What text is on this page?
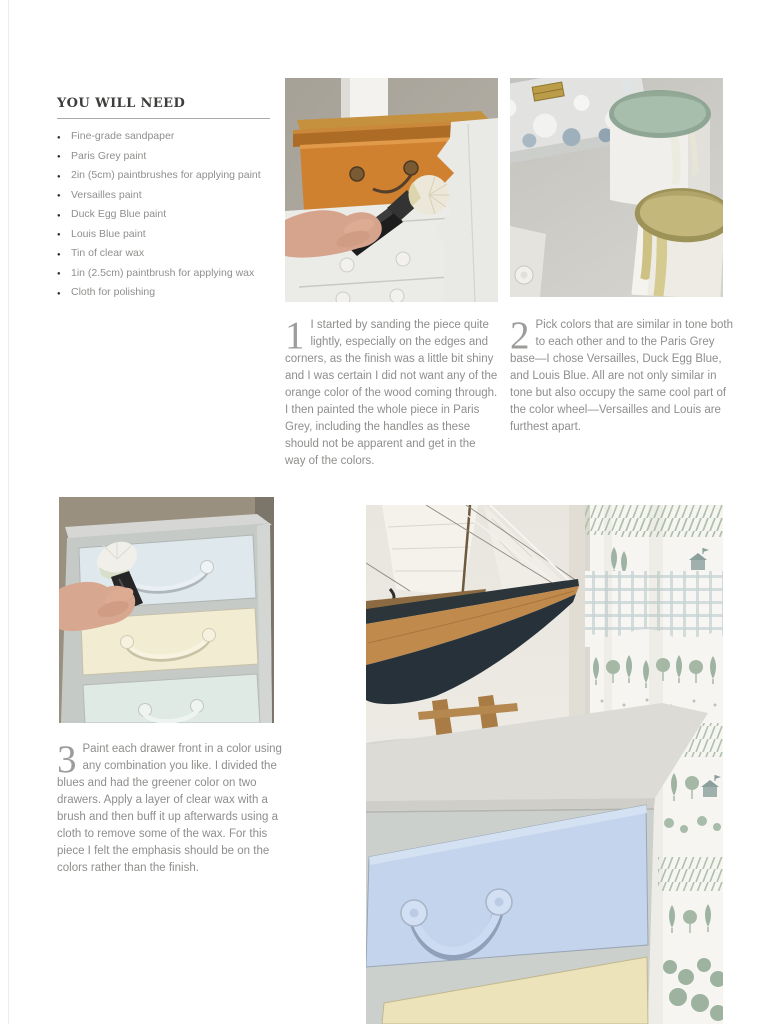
YOU WILL NEED
● Fine-grade sandpaper
● Paris Grey paint
● 2in (5cm) paintbrushes for applying paint
● Versailles paint
● Duck Egg Blue paint
● Louis Blue paint
● Tin of clear wax
● 1in (2.5cm) paintbrush for applying wax
● Cloth for polishing

1 I started by sanding the piece quite lightly, especially on the edges and corners, as the finish was a little bit shiny and I was certain I did not want any of the orange color of the wood coming through. I then painted the whole piece in Paris Grey, including the handles as these should not be apparent and get in the way of the colors.

2 Pick colors that are similar in tone both to each other and to the Paris Grey base—I chose Versailles, Duck Egg Blue, and Louis Blue. All are not only similar in tone but also occupy the same cool part of the color wheel—Versailles and Louis are furthest apart.

3 Paint each drawer front in a color using any combination you like. I divided the blues and had the greener color on two drawers. Apply a layer of clear wax with a brush and then buff it up afterwards using a cloth to remove some of the wax. For this piece I felt the emphasis should be on the colors rather than the finish.
